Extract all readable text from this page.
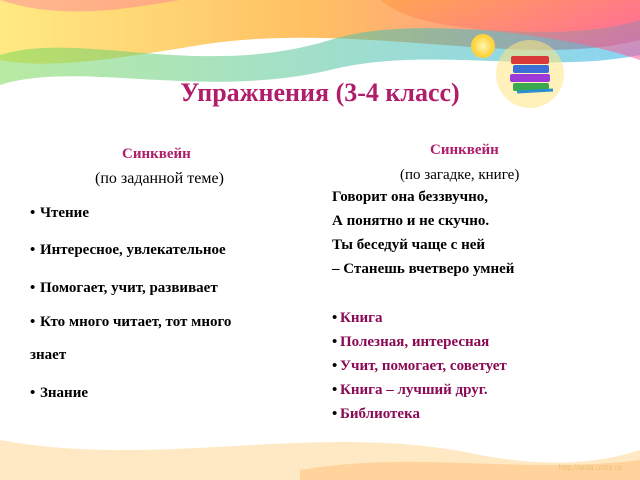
Упражнения (3-4 класс)
Синквейн
(по заданной теме)
• Чтение
• Интересное, увлекательное
• Помогает, учит, развивает
• Кто много читает, тот много
• Знание
знает
Синквейн
(по загадке, книге)
Говорит она беззвучно,
А понятно и не скучно.
Ты беседуй чаще с ней
– Станешь вчетверо умней
• Книга
• Полезная, интересная
• Учит, помогает, советует
• Книга – лучший друг.
• Библиотека
http://aida.ucoz.ru
